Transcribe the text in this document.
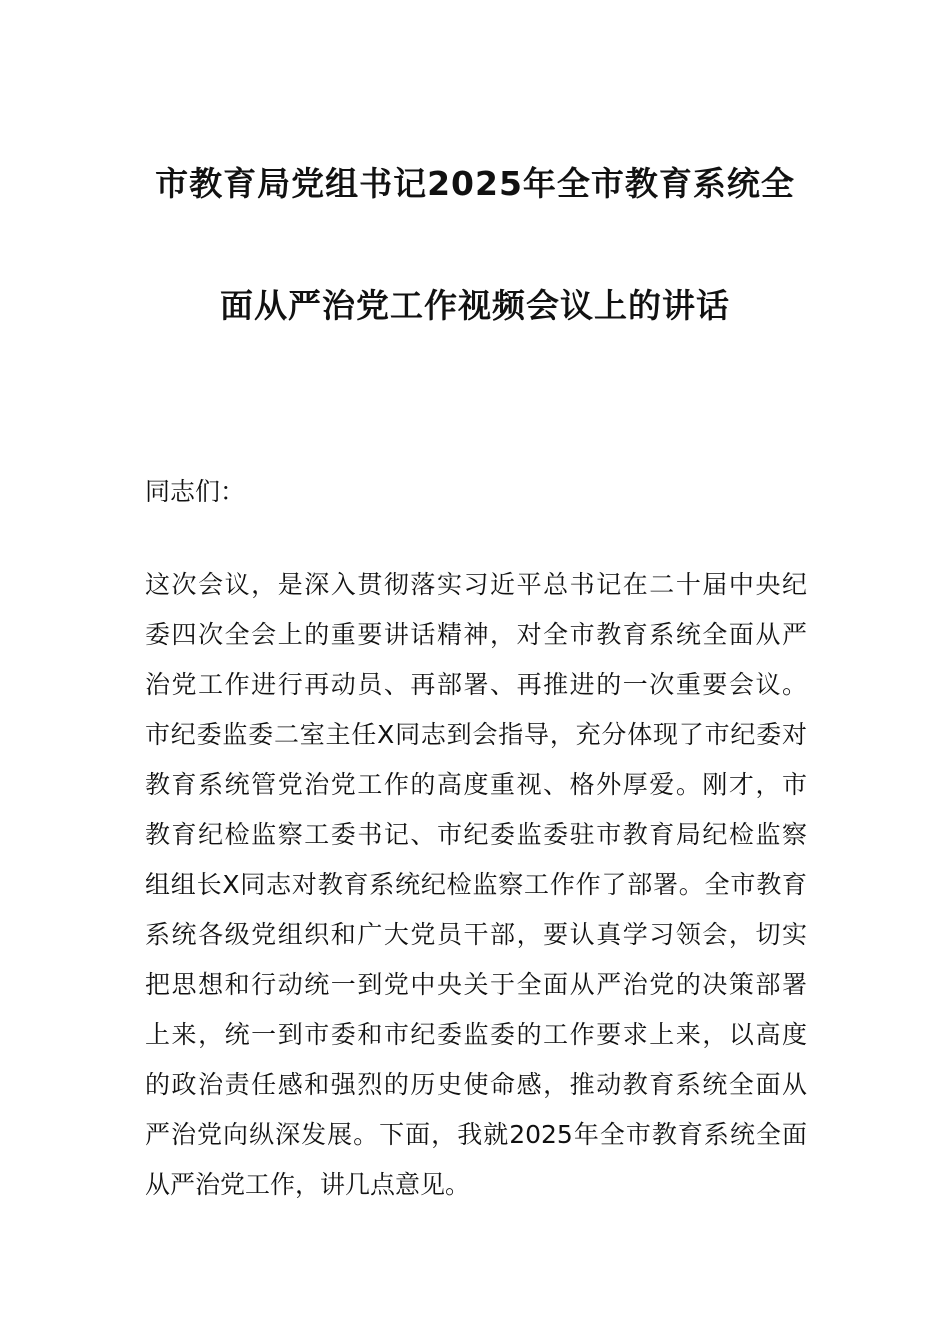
市教育局党组书记2025年全市教育系统全
面从严治党工作视频会议上的讲话
同志们：
这次会议，是深入贯彻落实习近平总书记在二十届中央纪
委四次全会上的重要讲话精神，对全市教育系统全面从严
治党工作进行再动员、再部署、再推进的一次重要会议。
市纪委监委二室主任X同志到会指导，充分体现了市纪委对
教育系统管党治党工作的高度重视、格外厚爱。刚才，市
教育纪检监察工委书记、市纪委监委驻市教育局纪检监察
组组长X同志对教育系统纪检监察工作作了部署。全市教育
系统各级党组织和广大党员干部，要认真学习领会，切实
把思想和行动统一到党中央关于全面从严治党的决策部署
上来，统一到市委和市纪委监委的工作要求上来，以高度
的政治责任感和强烈的历史使命感，推动教育系统全面从
严治党向纵深发展。下面，我就2025年全市教育系统全面
从严治党工作，讲几点意见。
